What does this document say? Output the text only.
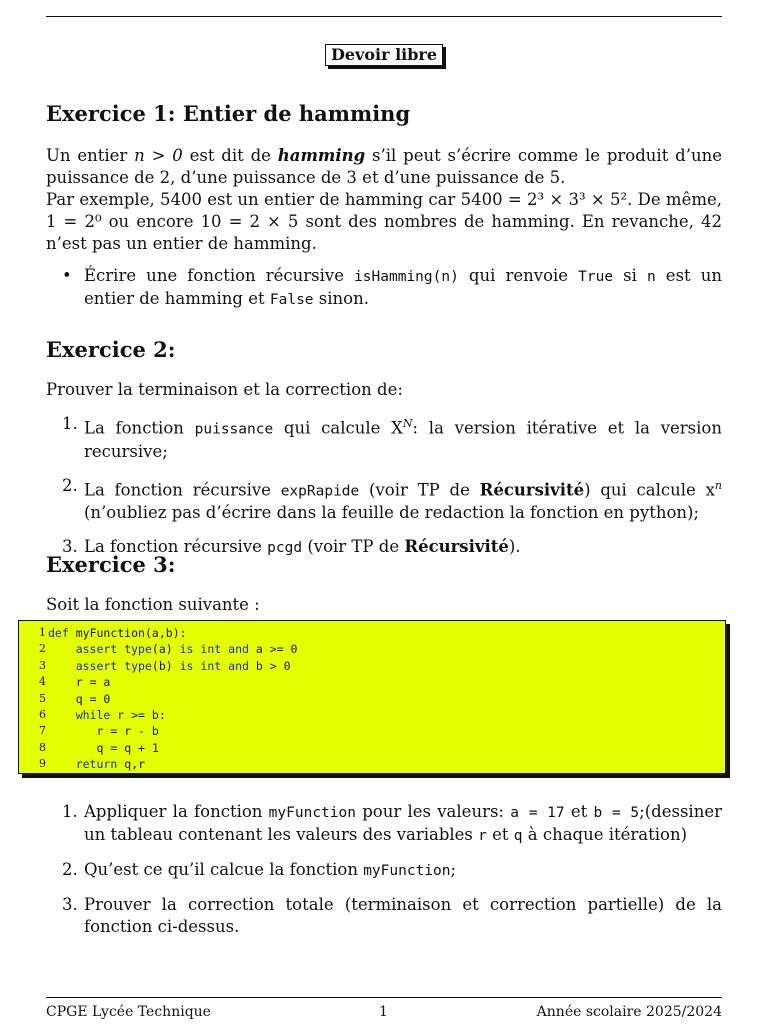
Devoir libre
Exercice 1: Entier de hamming

Un entier n > 0 est dit de hamming s’il peut s’écrire comme le produit d’une puissance de 2, d’une puissance de 3 et d’une puissance de 5.

Par exemple, 5400 est un entier de hamming car 5400 = 2³ × 3³ × 5². De même, 1 = 2⁰ ou encore 10 = 2 × 5 sont des nombres de hamming. En revanche, 42 n’est pas un entier de hamming.

• Écrire une fonction récursive isHamming(n) qui renvoie True si n est un entier de hamming et False sinon.
Exercice 2:

Prouver la terminaison et la correction de:

1. La fonction puissance qui calcule $X^N$: la version itérative et la version recursive;
2. La fonction récursive expRapide (voir TP de Récursivité) qui calcule $x^n$ (n’oubliez pas d’écrire dans la feuille de redaction la fonction en python);
3. La fonction récursive pcgd (voir TP de Récursivité).
Exercice 3:

Soit la fonction suivante :

1. Appliquer la fonction myFunction pour les valeurs: a = 17 et b = 5;(dessiner un tableau contenant les valeurs des variables r et q à chaque itération)
2. Qu’est ce qu’il calcue la fonction myFunction;
3. Prouver la correction totale (terminaison et correction partielle) de la fonction ci-dessus.
1 def myFunction(a,b):
2	assert type(a) is int and a >= 0
3	assert type(b) is int and b > 0
4	r = a
5	q = 0
6	while r >= b:
7	r = r - b
8	q = q + 1
9	return q,r
CPGE Lycée Technique	1	Année scolaire 2025/2024
